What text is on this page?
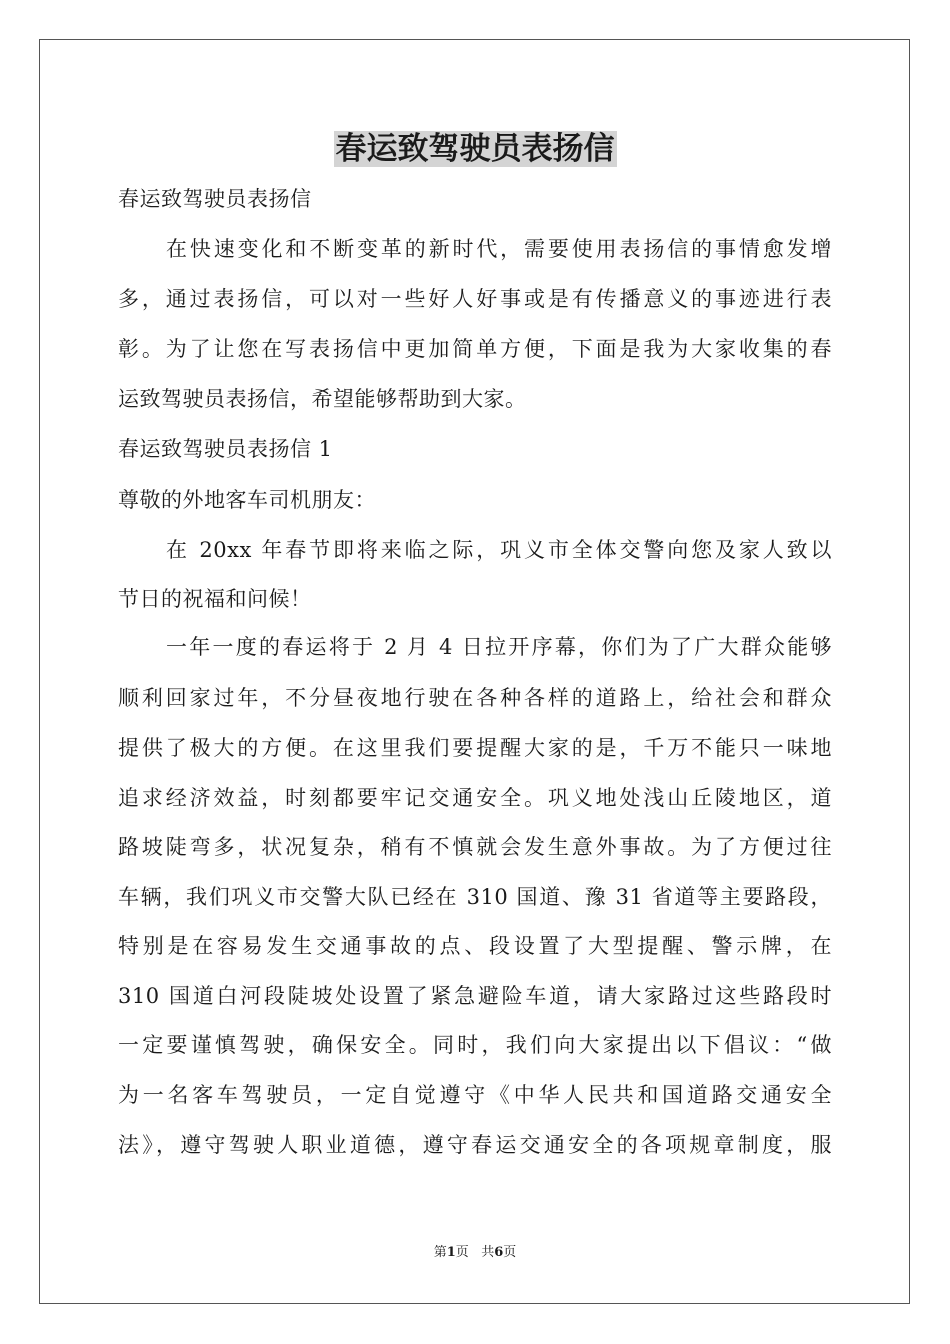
春运致驾驶员表扬信
春运致驾驶员表扬信
在快速变化和不断变革的新时代，需要使用表扬信的事情愈发增
多，通过表扬信，可以对一些好人好事或是有传播意义的事迹进行表
彰。为了让您在写表扬信中更加简单方便，下面是我为大家收集的春
运致驾驶员表扬信，希望能够帮助到大家。
春运致驾驶员表扬信 1
尊敬的外地客车司机朋友：
在 20xx 年春节即将来临之际，巩义市全体交警向您及家人致以
节日的祝福和问候！
一年一度的春运将于 2 月 4 日拉开序幕，你们为了广大群众能够
顺利回家过年，不分昼夜地行驶在各种各样的道路上，给社会和群众
提供了极大的方便。在这里我们要提醒大家的是，千万不能只一味地
追求经济效益，时刻都要牢记交通安全。巩义地处浅山丘陵地区，道
路坡陡弯多，状况复杂，稍有不慎就会发生意外事故。为了方便过往
车辆，我们巩义市交警大队已经在 310 国道、豫 31 省道等主要路段，
特别是在容易发生交通事故的点、段设置了大型提醒、警示牌，在
310 国道白河段陡坡处设置了紧急避险车道，请大家路过这些路段时
一定要谨慎驾驶，确保安全。同时，我们向大家提出以下倡议：“做
为一名客车驾驶员，一定自觉遵守《中华人民共和国道路交通安全
法》，遵守驾驶人职业道德，遵守春运交通安全的各项规章制度，服
第1页 共6页
